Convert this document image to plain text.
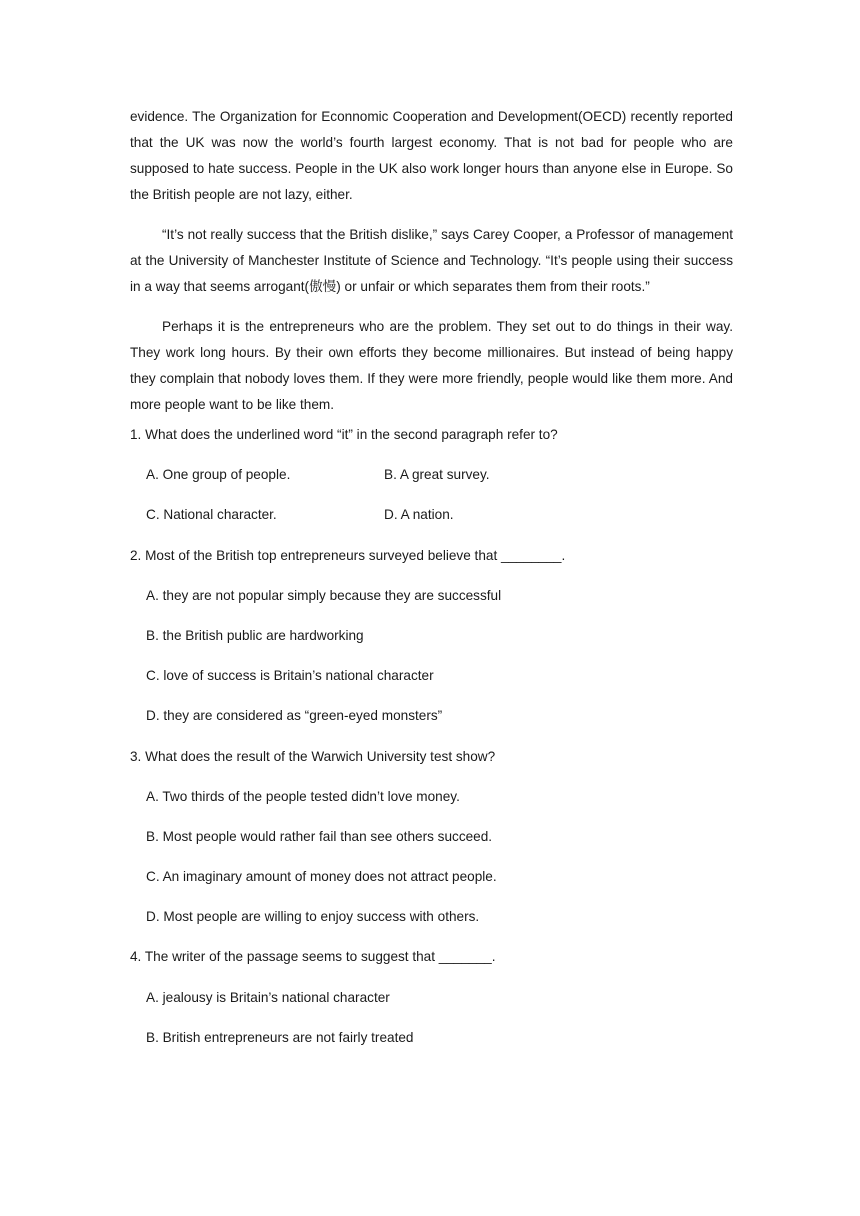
evidence. The Organization for Econnomic Cooperation and Development(OECD) recently reported that the UK was now the world’s fourth largest economy. That is not bad for people who are supposed to hate success. People in the UK also work longer hours than anyone else in Europe. So the British people are not lazy, either.

“It’s not really success that the British dislike,” says Carey Cooper, a Professor of management at the University of Manchester Institute of Science and Technology. “It’s people using their success in a way that seems arrogant(傲慢) or unfair or which separates them from their roots.”

Perhaps it is the entrepreneurs who are the problem. They set out to do things in their way. They work long hours. By their own efforts they become millionaires. But instead of being happy they complain that nobody loves them. If they were more friendly, people would like them more. And more people want to be like them.

1. What does the underlined word “it” in the second paragraph refer to?

A. One group of people.	B. A great survey.
C. National character.	D. A nation.

2. Most of the British top entrepreneurs surveyed believe that ________.

A. they are not popular simply because they are successful

B. the British public are hardworking

C. love of success is Britain’s national character

D. they are considered as “green-eyed monsters”

3. What does the result of the Warwich University test show?

A. Two thirds of the people tested didn’t love money.

B. Most people would rather fail than see others succeed.

C. An imaginary amount of money does not attract people.

D. Most people are willing to enjoy success with others.

4. The writer of the passage seems to suggest that _______.

A. jealousy is Britain’s national character

B. British entrepreneurs are not fairly treated
